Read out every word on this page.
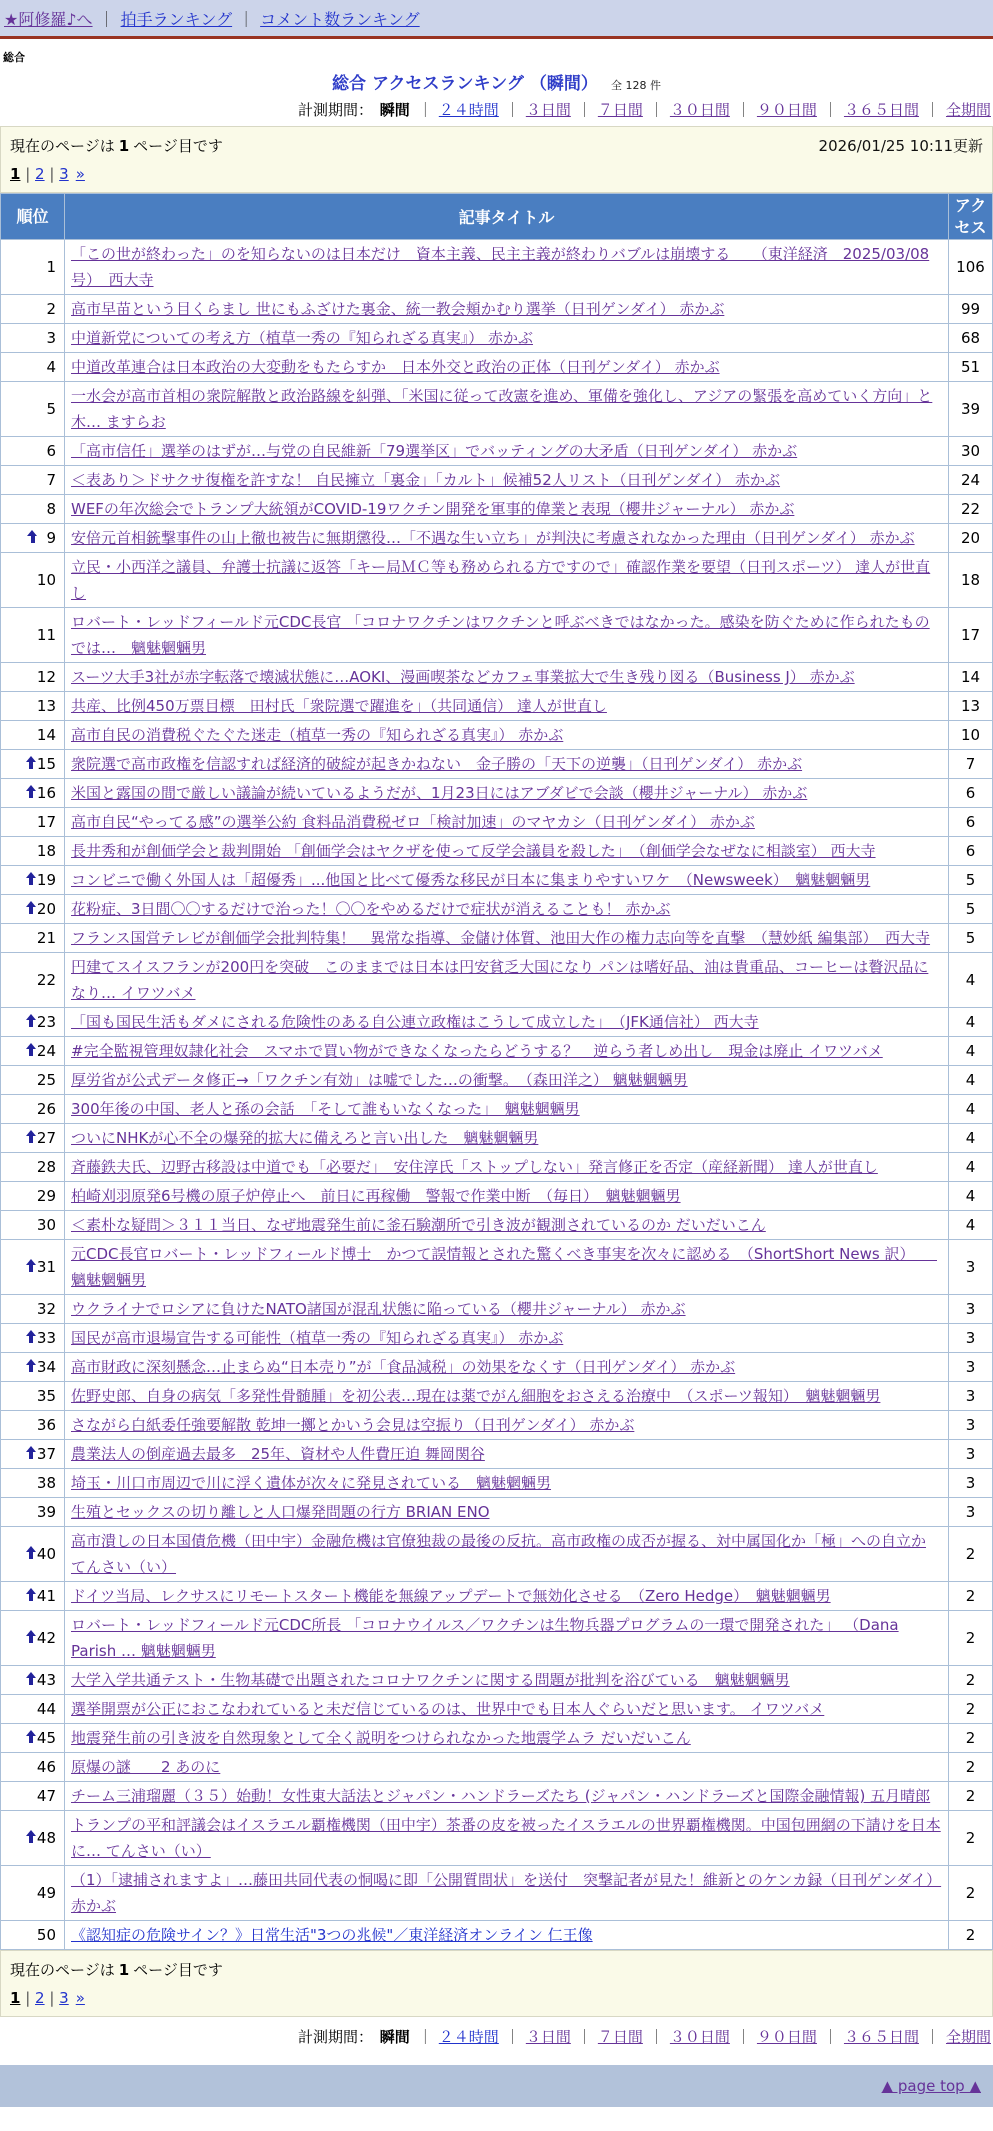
★阿修羅♪へ ｜ 拍手ランキング ｜ コメント数ランキング
総合
総合 アクセスランキング （瞬間） 全 128 件
計測期間： 瞬間 ｜ ２４時間 ｜ ３日間 ｜ ７日間 ｜ ３０日間 ｜ ９０日間 ｜ ３６５日間 ｜ 全期間
現在のページは 1 ページ目です	2026/01/25 10:11更新
1 | 2 | 3 »
順位	記事タイトル	アクセス
1	「この世が終わった」のを知らないのは日本だけ　資本主義、民主主義が終わりバブルは崩壊する　　（東洋経済　2025/03/08号）　西大寺	106
2	高市早苗という目くらまし 世にもふざけた裏金、統一教会頬かむり選挙（日刊ゲンダイ） 赤かぶ	99
3	中道新党についての考え方（植草一秀の『知られざる真実』） 赤かぶ	68
4	中道改革連合は日本政治の大変動をもたらすか　日本外交と政治の正体（日刊ゲンダイ） 赤かぶ	51
5	一水会が高市首相の衆院解散と政治路線を糾弾、「米国に従って改憲を進め、軍備を強化し、アジアの緊張を高めていく方向」と木… ますらお	39
6	「高市信任」選挙のはずが…与党の自民維新「79選挙区」でバッティングの大矛盾（日刊ゲンダイ） 赤かぶ	30
7	＜表あり＞ドサクサ復権を許すな！ 自民擁立「裏金」「カルト」候補52人リスト（日刊ゲンダイ） 赤かぶ	24
8	WEFの年次総会でトランプ大統領がCOVID-19ワクチン開発を軍事的偉業と表現（櫻井ジャーナル） 赤かぶ	22
9	安倍元首相銃撃事件の山上徹也被告に無期懲役…「不遇な生い立ち」が判決に考慮されなかった理由（日刊ゲンダイ） 赤かぶ	20
10	立民・小西洋之議員、弁護士抗議に返答「キー局ＭＣ等も務められる方ですので」確認作業を要望（日刊スポーツ） 達人が世直し	18
11	ロバート・レッドフィールド元CDC長官 「コロナワクチンはワクチンと呼ぶべきではなかった。感染を防ぐために作られたものでは…　魑魅魍魎男	17
12	スーツ大手3社が赤字転落で壊滅状態に…AOKI、漫画喫茶などカフェ事業拡大で生き残り図る（Business J） 赤かぶ	14
13	共産、比例450万票目標　田村氏「衆院選で躍進を」（共同通信） 達人が世直し	13
14	高市自民の消費税ぐたぐた迷走（植草一秀の『知られざる真実』） 赤かぶ	10
15	衆院選で高市政権を信認すれば経済的破綻が起きかねない　金子勝の「天下の逆襲」（日刊ゲンダイ） 赤かぶ	7
16	米国と露国の間で厳しい議論が続いているようだが、1月23日にはアブダビで会談（櫻井ジャーナル） 赤かぶ	6
17	高市自民“やってる感”の選挙公約 食料品消費税ゼロ「検討加速」のマヤカシ（日刊ゲンダイ） 赤かぶ	6
18	長井秀和が創価学会と裁判開始 「創価学会はヤクザを使って反学会議員を殺した」　（創価学会なぜなに相談室） 西大寺	6
19	コンビニで働く外国人は「超優秀」...他国と比べて優秀な移民が日本に集まりやすいワケ　（Newsweek）　魑魅魍魎男	5
20	花粉症、3日間〇〇するだけで治った！〇〇をやめるだけで症状が消えることも！ 赤かぶ	5
21	フランス国営テレビが創価学会批判特集！　異常な指導、金儲け体質、池田大作の権力志向等を直撃　（慧妙紙 編集部）　西大寺	5
22	円建てスイスフランが200円を突破　このままでは日本は円安貧乏大国になり パンは嗜好品、油は貴重品、コーヒーは贅沢品になり… イワツバメ	4
23	「国も国民生活もダメにされる危険性のある自公連立政権はこうして成立した」　（JFK通信社） 西大寺	4
24	#完全監視管理奴隷化社会　スマホで買い物ができなくなったらどうする？　逆らう者しめ出し　現金は廃止 イワツバメ	4
25	厚労省が公式データ修正→「ワクチン有効」は嘘でした…の衝撃。　（森田洋之） 魑魅魍魎男	4
26	300年後の中国、老人と孫の会話　「そして誰もいなくなった」　魑魅魍魎男	4
27	ついにNHKが心不全の爆発的拡大に備えろと言い出した　魑魅魍魎男	4
28	斉藤鉄夫氏、辺野古移設は中道でも「必要だ」　安住淳氏「ストップしない」発言修正を否定（産経新聞） 達人が世直し	4
29	柏崎刈羽原発6号機の原子炉停止へ　前日に再稼働　警報で作業中断　（毎日）　魑魅魍魎男	4
30	＜素朴な疑問＞３１１当日、なぜ地震発生前に釜石験潮所で引き波が観測されているのか だいだいこん	4
31	元CDC長官ロバート・レッドフィールド博士　かつて誤情報とされた驚くべき事実を次々に認める　（ShortShort News 訳）　　魑魅魍魎男	3
32	ウクライナでロシアに負けたNATO諸国が混乱状態に陥っている（櫻井ジャーナル） 赤かぶ	3
33	国民が高市退場宣告する可能性（植草一秀の『知られざる真実』） 赤かぶ	3
34	高市財政に深刻懸念…止まらぬ“日本売り”が「食品減税」の効果をなくす（日刊ゲンダイ） 赤かぶ	3
35	佐野史郎、自身の病気「多発性骨髄腫」を初公表…現在は薬でがん細胞をおさえる治療中　（スポーツ報知）　魑魅魍魎男	3
36	さながら白紙委任強要解散 乾坤一擲とかいう会見は空振り（日刊ゲンダイ） 赤かぶ	3
37	農業法人の倒産過去最多　25年、資材や人件費圧迫 舞岡関谷	3
38	埼玉・川口市周辺で川に浮く遺体が次々に発見されている　魑魅魍魎男	3
39	生殖とセックスの切り離しと人口爆発問題の行方 BRIAN ENO	3
40	高市潰しの日本国債危機（田中宇）金融危機は官僚独裁の最後の反抗。高市政権の成否が握る、対中属国化か「極」への自立か てんさい（い）	2
41	ドイツ当局、レクサスにリモートスタート機能を無線アップデートで無効化させる　（Zero Hedge）　魑魅魍魎男	2
42	ロバート・レッドフィールド元CDC所長 「コロナウイルス／ワクチンは生物兵器プログラムの一環で開発された」 （Dana Parish … 魑魅魍魎男	2
43	大学入学共通テスト・生物基礎で出題されたコロナワクチンに関する問題が批判を浴びている　魑魅魍魎男	2
44	選挙開票が公正におこなわれていると未だ信じているのは、世界中でも日本人ぐらいだと思います。 イワツバメ	2
45	地震発生前の引き波を自然現象として全く説明をつけられなかった地震学ムラ だいだいこん	2
46	原爆の謎　　2 あのに	2
47	チーム三浦瑠麗（３５）始動！女性東大話法とジャパン・ハンドラーズたち (ジャパン・ハンドラーズと国際金融情報) 五月晴郎	2
48	トランプの平和評議会はイスラエル覇権機関（田中宇）茶番の皮を被ったイスラエルの世界覇権機関。中国包囲網の下請けを日本に… てんさい（い）	2
49	（1）「逮捕されますよ」…藤田共同代表の恫喝に即「公開質問状」を送付　突撃記者が見た！維新とのケンカ録（日刊ゲンダイ） 赤かぶ	2
50	《認知症の危険サイン？》日常生活"3つの兆候"／東洋経済オンライン 仁王像	2
現在のページは 1 ページ目です
1 | 2 | 3 »
計測期間： 瞬間 ｜ ２４時間 ｜ ３日間 ｜ ７日間 ｜ ３０日間 ｜ ９０日間 ｜ ３６５日間 ｜ 全期間
▲ page top ▲
